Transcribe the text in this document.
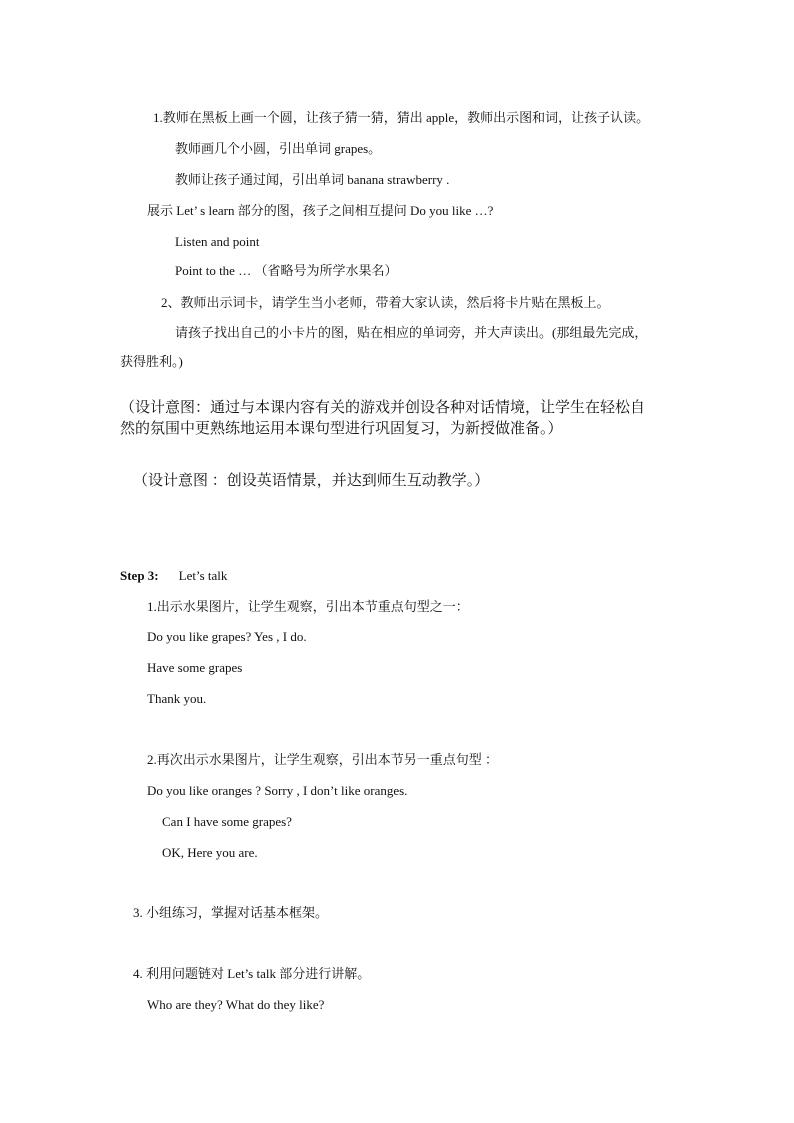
1.教师在黑板上画一个圆，让孩子猜一猜，猜出 apple，教师出示图和词，让孩子认读。
教师画几个小圆，引出单词 grapes。
教师让孩子通过闻，引出单词 banana strawberry .
展示 Let’ s learn 部分的图，孩子之间相互提问 Do you like …?
Listen and point
Point to the … （省略号为所学水果名）
2、教师出示词卡，请学生当小老师，带着大家认读，然后将卡片贴在黑板上。
请孩子找出自己的小卡片的图，贴在相应的单词旁，并大声读出。(那组最先完成，
获得胜利。)
（设计意图：通过与本课内容有关的游戏并创设各种对话情境，让学生在轻松自
然的氛围中更熟练地运用本课句型进行巩固复习，为新授做准备。）
（设计意图 ：创设英语情景，并达到师生互动教学。）
Step 3: Let’s talk
1.出示水果图片，让学生观察，引出本节重点句型之一：
Do you like grapes? Yes , I do.
Have some grapes
Thank you.
2.再次出示水果图片，让学生观察，引出本节另一重点句型 ：
Do you like oranges ? Sorry , I don’t like oranges.
Can I have some grapes?
OK, Here you are.
3. 小组练习，掌握对话基本框架。
4. 利用问题链对 Let’s talk 部分进行讲解。
Who are they? What do they like?
